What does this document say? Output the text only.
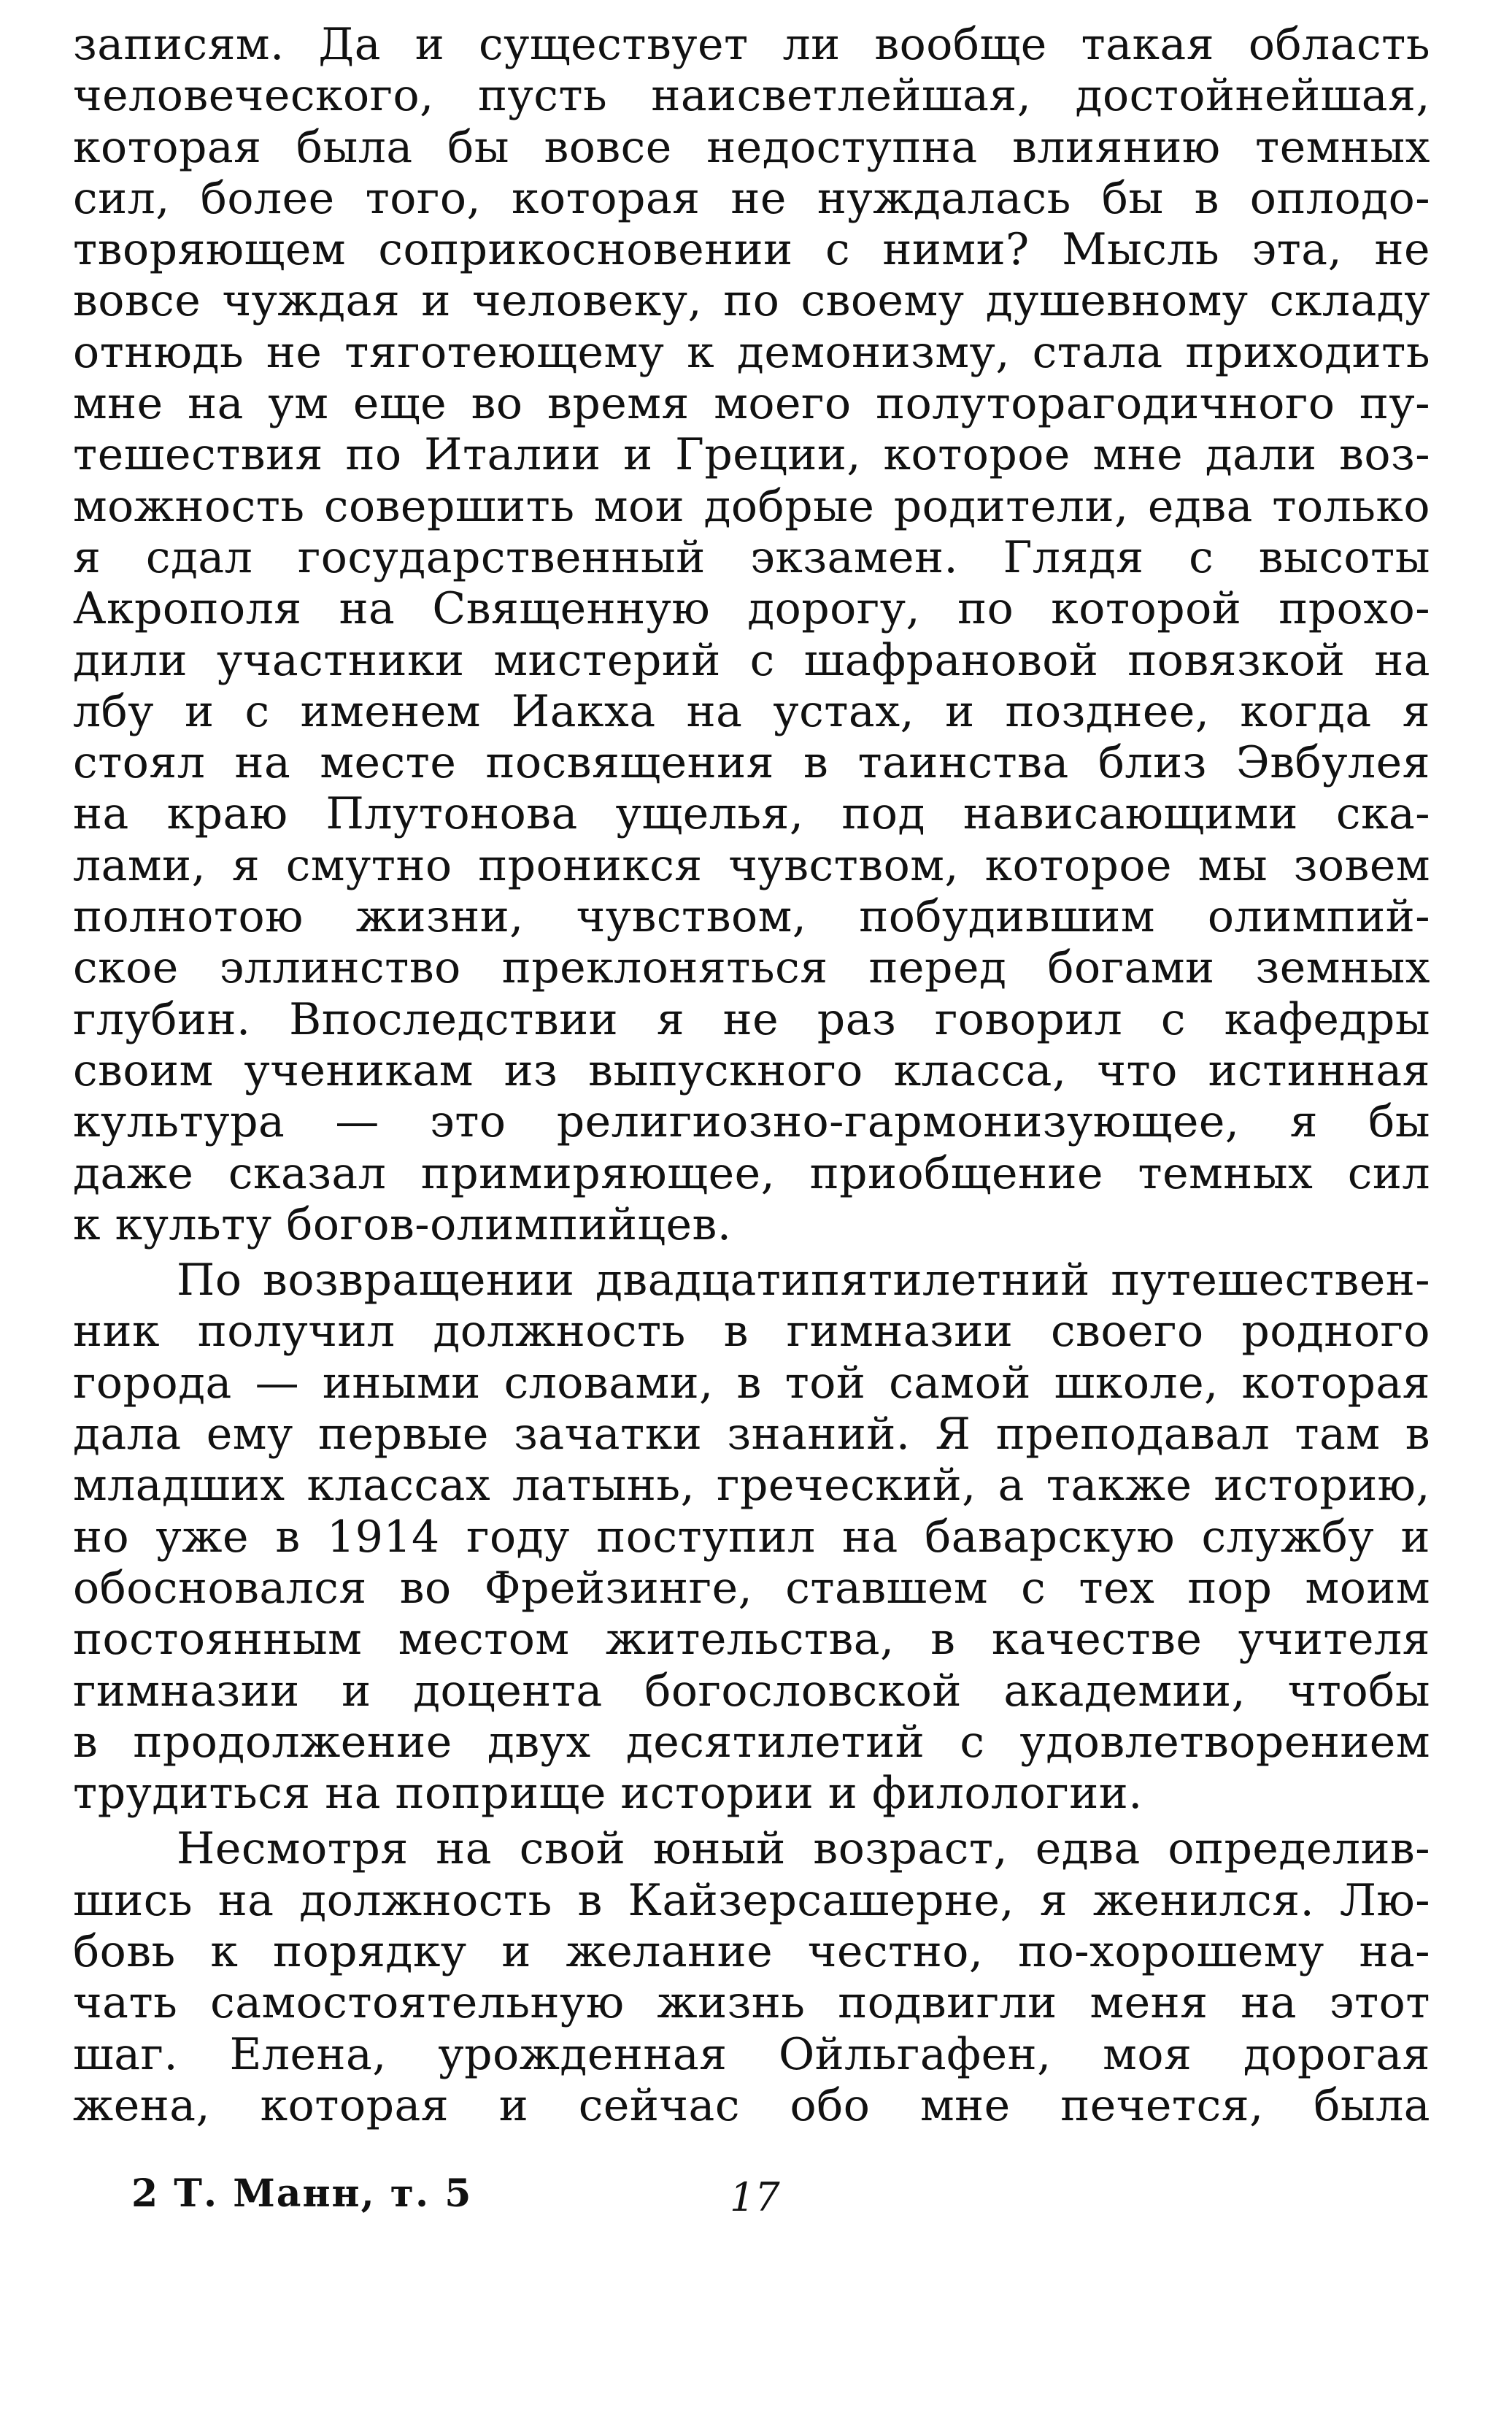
записям. Да и существует ли вообще такая область
человеческого, пусть наисветлейшая, достойнейшая,
которая была бы вовсе недоступна влиянию темных
сил, более того, которая не нуждалась бы в оплодо-
творяющем соприкосновении с ними? Мысль эта, не
вовсе чуждая и человеку, по своему душевному складу
отнюдь не тяготеющему к демонизму, стала приходить
мне на ум еще во время моего полуторагодичного пу-
тешествия по Италии и Греции, которое мне дали воз-
можность совершить мои добрые родители, едва только
я сдал государственный экзамен. Глядя с высоты
Акрополя на Священную дорогу, по которой прохо-
дили участники мистерий с шафрановой повязкой на
лбу и с именем Иакха на устах, и позднее, когда я
стоял на месте посвящения в таинства близ Эвбулея
на краю Плутонова ущелья, под нависающими ска-
лами, я смутно проникся чувством, которое мы зовем
полнотою жизни, чувством, побудившим олимпий-
ское эллинство преклоняться перед богами земных
глубин. Впоследствии я не раз говорил с кафедры
своим ученикам из выпускного класса, что истинная
культура — это религиозно-гармонизующее, я бы
даже сказал примиряющее, приобщение темных сил
к культу богов-олимпийцев.
По возвращении двадцатипятилетний путешествен-
ник получил должность в гимназии своего родного
города — иными словами, в той самой школе, которая
дала ему первые зачатки знаний. Я преподавал там в
младших классах латынь, греческий, а также историю,
но уже в 1914 году поступил на баварскую службу и
обосновался во Фрейзинге, ставшем с тех пор моим
постоянным местом жительства, в качестве учителя
гимназии и доцента богословской академии, чтобы
в продолжение двух десятилетий с удовлетворением
трудиться на поприще истории и филологии.
Несмотря на свой юный возраст, едва определив-
шись на должность в Кайзерсашерне, я женился. Лю-
бовь к порядку и желание честно, по-хорошему на-
чать самостоятельную жизнь подвигли меня на этот
шаг. Елена, урожденная Ойльгафен, моя дорогая
жена, которая и сейчас обо мне печется, была
2 Т. Манн, т. 5	17
